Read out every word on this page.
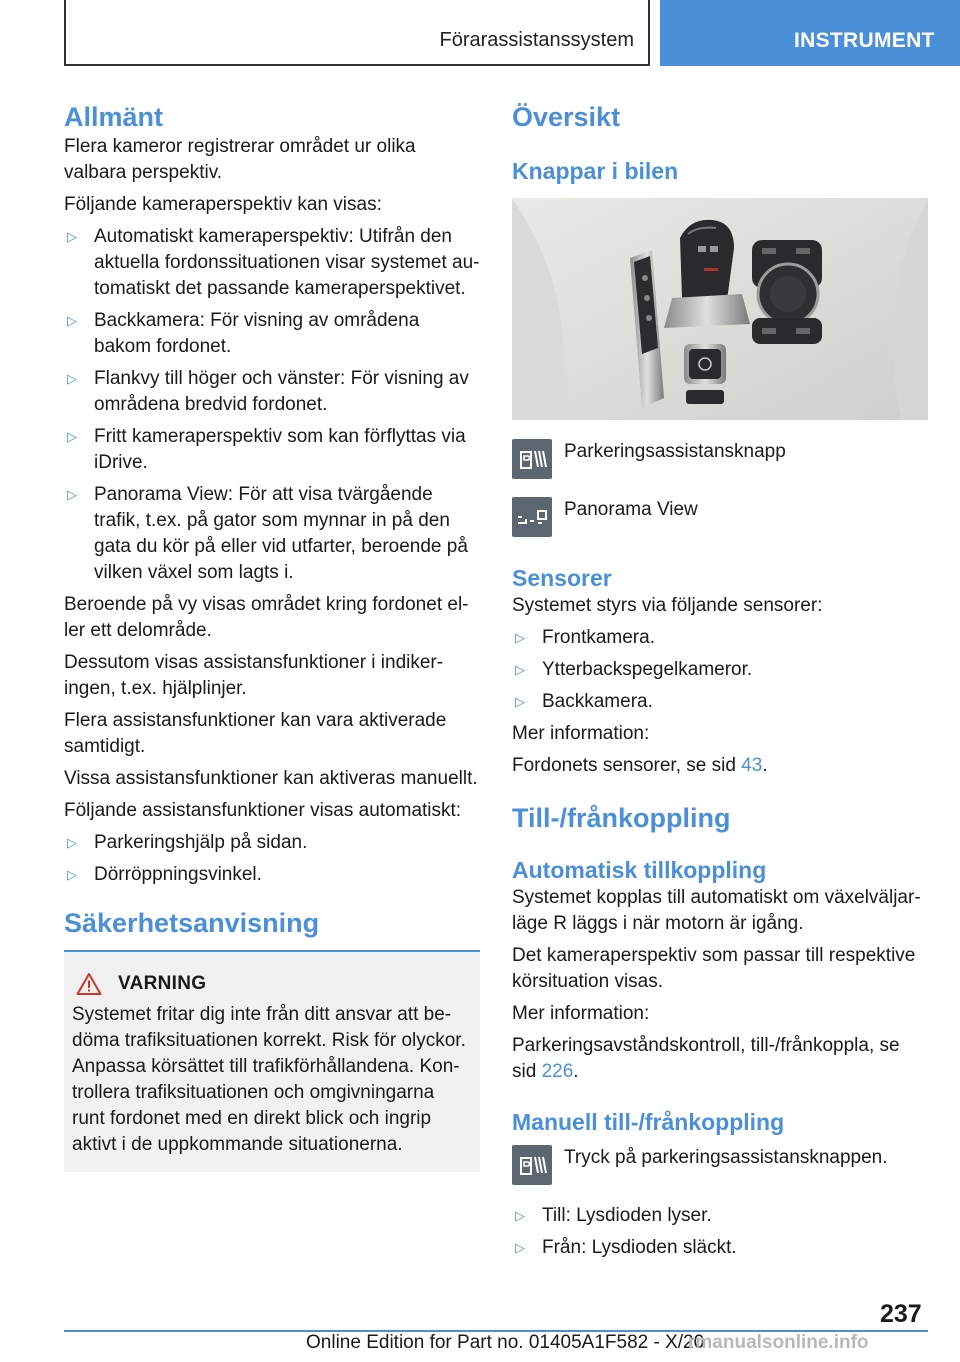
Förarassistanssystem	INSTRUMENT
Allmänt

Flera kameror registrerar området ur olika valbara perspektiv.

Följande kameraperspektiv kan visas:

▷ Automatiskt kameraperspektiv: Utifrån den aktuella fordonssituationen visar systemet automatiskt det passande kameraperspektivet.
▷ Backkamera: För visning av områdena bakom fordonet.
▷ Flankvy till höger och vänster: För visning av områdena bredvid fordonet.
▷ Fritt kameraperspektiv som kan förflyttas via iDrive.
▷ Panorama View: För att visa tvärgående trafik, t.ex. på gator som mynnar in på den gata du kör på eller vid utfarter, beroende på vilken växel som lagts i.

Beroende på vy visas området kring fordonet eller ett delområde.

Dessutom visas assistansfunktioner i indikeringen, t.ex. hjälplinjer.

Flera assistansfunktioner kan vara aktiverade samtidigt.

Vissa assistansfunktioner kan aktiveras manuellt.

Följande assistansfunktioner visas automatiskt:

▷ Parkeringshjälp på sidan.
▷ Dörröppningsvinkel.
Säkerhetsanvisning
VARNING

Systemet fritar dig inte från ditt ansvar att bedöma trafiksituationen korrekt. Risk för olyckor. Anpassa körsättet till trafikförhållandena. Kontrollera trafiksituationen och omgivningarna runt fordonet med en direkt blick och ingrip aktivt i de uppkommande situationerna.

Översikt
Knappar i bilen

Parkeringsassistansknapp

Panorama View

Sensorer

Systemet styrs via följande sensorer:

▷ Frontkamera.
▷ Ytterbackspegelkameror.
▷ Backkamera.

Mer information:

Fordonets sensorer, se sid 43.

Till-/frånkoppling
Automatisk tillkoppling

Systemet kopplas till automatiskt om växelväljarläge R läggs i när motorn är igång.

Det kameraperspektiv som passar till respektive körsituation visas.

Mer information:

Parkeringsavståndskontroll, till-/frånkoppla, se sid 226.

Manuell till-/frånkoppling

Tryck på parkeringsassistansknappen.

▷ Till: Lysdioden lyser.
▷ Från: Lysdioden släckt.
237
Online Edition for Part no. 01405A1F582 - X/20
rmanualsonline.info
